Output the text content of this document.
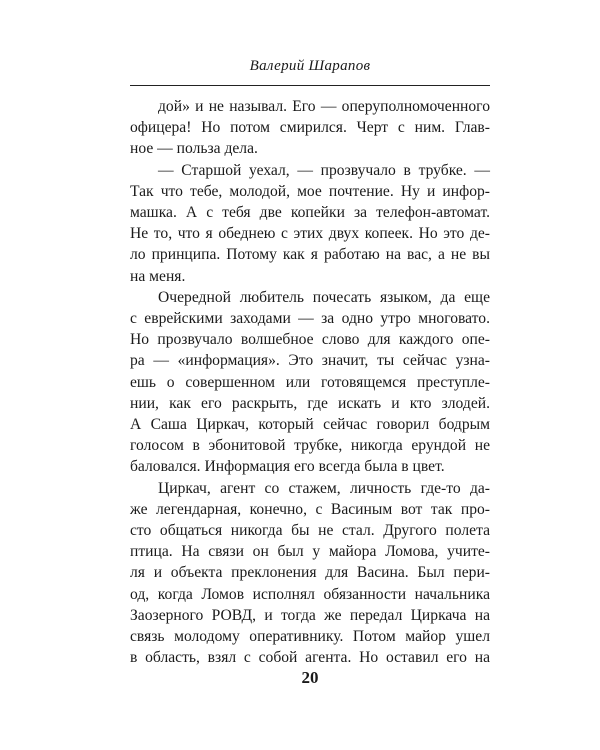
Валерий Шарапов
дой» и не называл. Его — оперуполномоченного
офицера! Но потом смирился. Черт с ним. Глав-
ное — польза дела.
— Старшой уехал, — прозвучало в трубке. —
Так что тебе, молодой, мое почтение. Ну и инфор-
машка. А с тебя две копейки за телефон-автомат.
Не то, что я обеднею с этих двух копеек. Но это де-
ло принципа. Потому как я работаю на вас, а не вы
на меня.
Очередной любитель почесать языком, да еще
с еврейскими заходами — за одно утро многовато.
Но прозвучало волшебное слово для каждого опе-
ра — «информация». Это значит, ты сейчас узна-
ешь о совершенном или готовящемся преступле-
нии, как его раскрыть, где искать и кто злодей.
А Саша Циркач, который сейчас говорил бодрым
голосом в эбонитовой трубке, никогда ерундой не
баловался. Информация его всегда была в цвет.
Циркач, агент со стажем, личность где-то да-
же легендарная, конечно, с Васиным вот так про-
сто общаться никогда бы не стал. Другого полета
птица. На связи он был у майора Ломова, учите-
ля и объекта преклонения для Васина. Был пери-
од, когда Ломов исполнял обязанности начальника
Заозерного РОВД, и тогда же передал Циркача на
связь молодому оперативнику. Потом майор ушел
в область, взял с собой агента. Но оставил его на
20
